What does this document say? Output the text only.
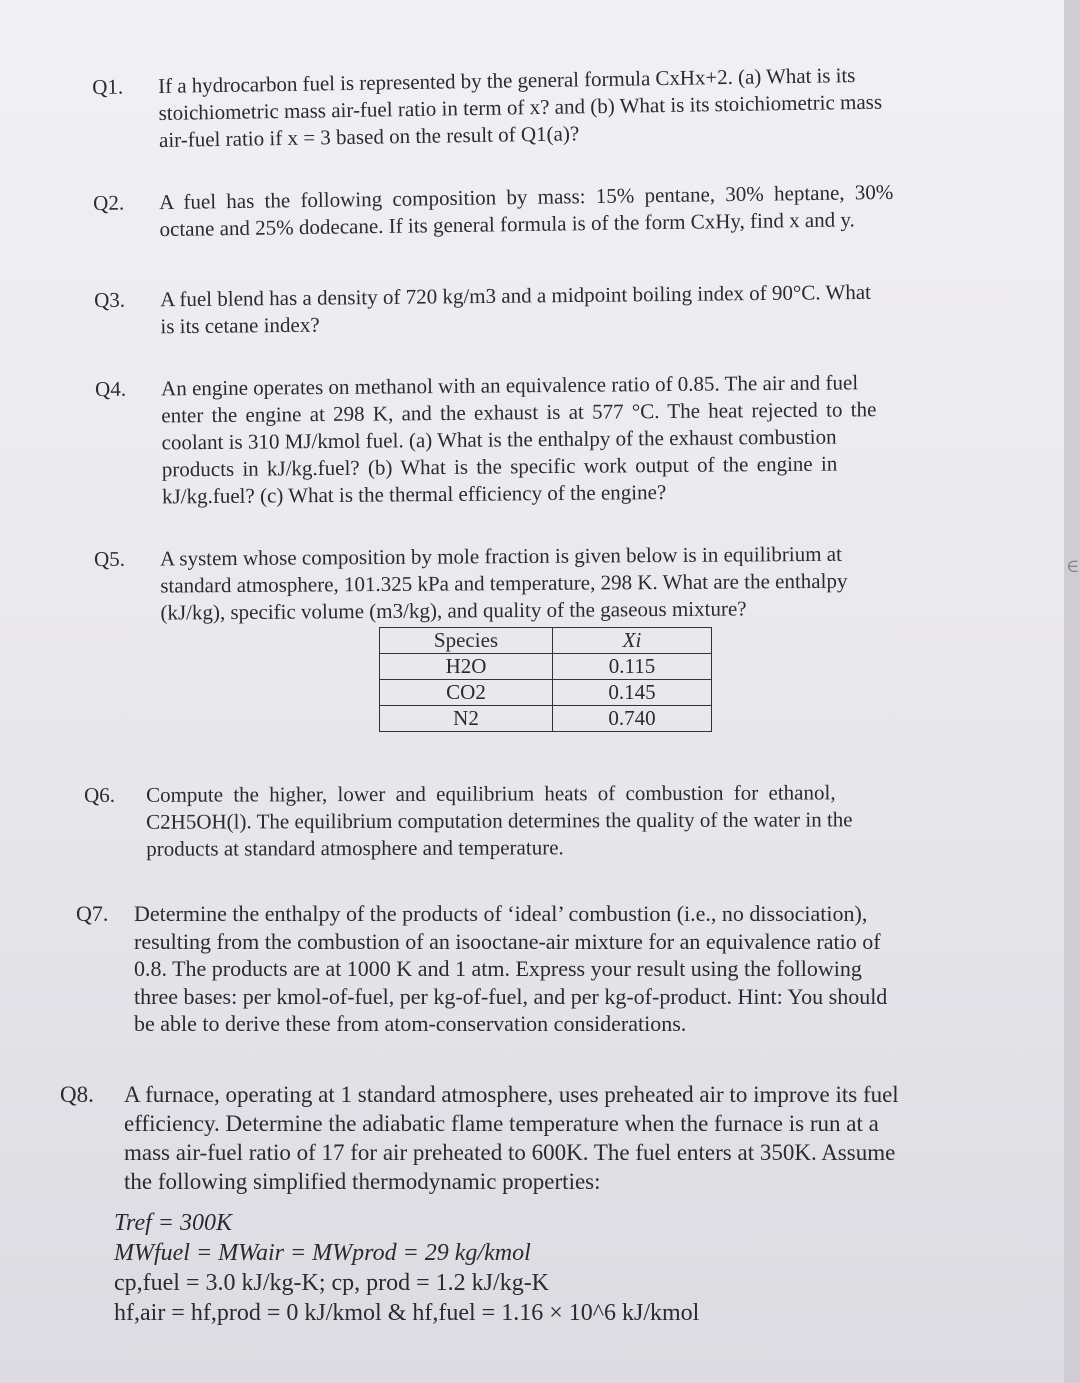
∈
Q1.	If a hydrocarbon fuel is represented by the general formula CxHx+2. (a) What is its
stoichiometric mass air-fuel ratio in term of x? and (b) What is its stoichiometric mass
air-fuel ratio if x = 3 based on the result of Q1(a)?
Q2.	A fuel has the following composition by mass: 15% pentane, 30% heptane, 30%
octane and 25% dodecane. If its general formula is of the form CxHy, find x and y.
Q3.	A fuel blend has a density of 720 kg/m3 and a midpoint boiling index of 90°C. What
is its cetane index?
Q4.	An engine operates on methanol with an equivalence ratio of 0.85. The air and fuel
enter the engine at 298 K, and the exhaust is at 577 °C. The heat rejected to the
coolant is 310 MJ/kmol fuel. (a) What is the enthalpy of the exhaust combustion
products in kJ/kg.fuel? (b) What is the specific work output of the engine in
kJ/kg.fuel? (c) What is the thermal efficiency of the engine?
Q5.	A system whose composition by mole fraction is given below is in equilibrium at
standard atmosphere, 101.325 kPa and temperature, 298 K. What are the enthalpy
(kJ/kg), specific volume (m3/kg), and quality of the gaseous mixture?
Species	Xi
H2O	0.115
CO2	0.145
N2	0.740
Q6.	Compute the higher, lower and equilibrium heats of combustion for ethanol,
C2H5OH(l). The equilibrium computation determines the quality of the water in the
products at standard atmosphere and temperature.
Q7.	Determine the enthalpy of the products of ‘ideal’ combustion (i.e., no dissociation),
resulting from the combustion of an isooctane-air mixture for an equivalence ratio of
0.8. The products are at 1000 K and 1 atm. Express your result using the following
three bases: per kmol-of-fuel, per kg-of-fuel, and per kg-of-product. Hint: You should
be able to derive these from atom-conservation considerations.
Q8.	A furnace, operating at 1 standard atmosphere, uses preheated air to improve its fuel
efficiency. Determine the adiabatic flame temperature when the furnace is run at a
mass air-fuel ratio of 17 for air preheated to 600K. The fuel enters at 350K. Assume
the following simplified thermodynamic properties:
Tref = 300K
MWfuel = MWair = MWprod = 29 kg/kmol
cp,fuel = 3.0 kJ/kg-K; cp, prod = 1.2 kJ/kg-K
hf,air = hf,prod = 0 kJ/kmol & hf,fuel = 1.16 × 10^6 kJ/kmol
